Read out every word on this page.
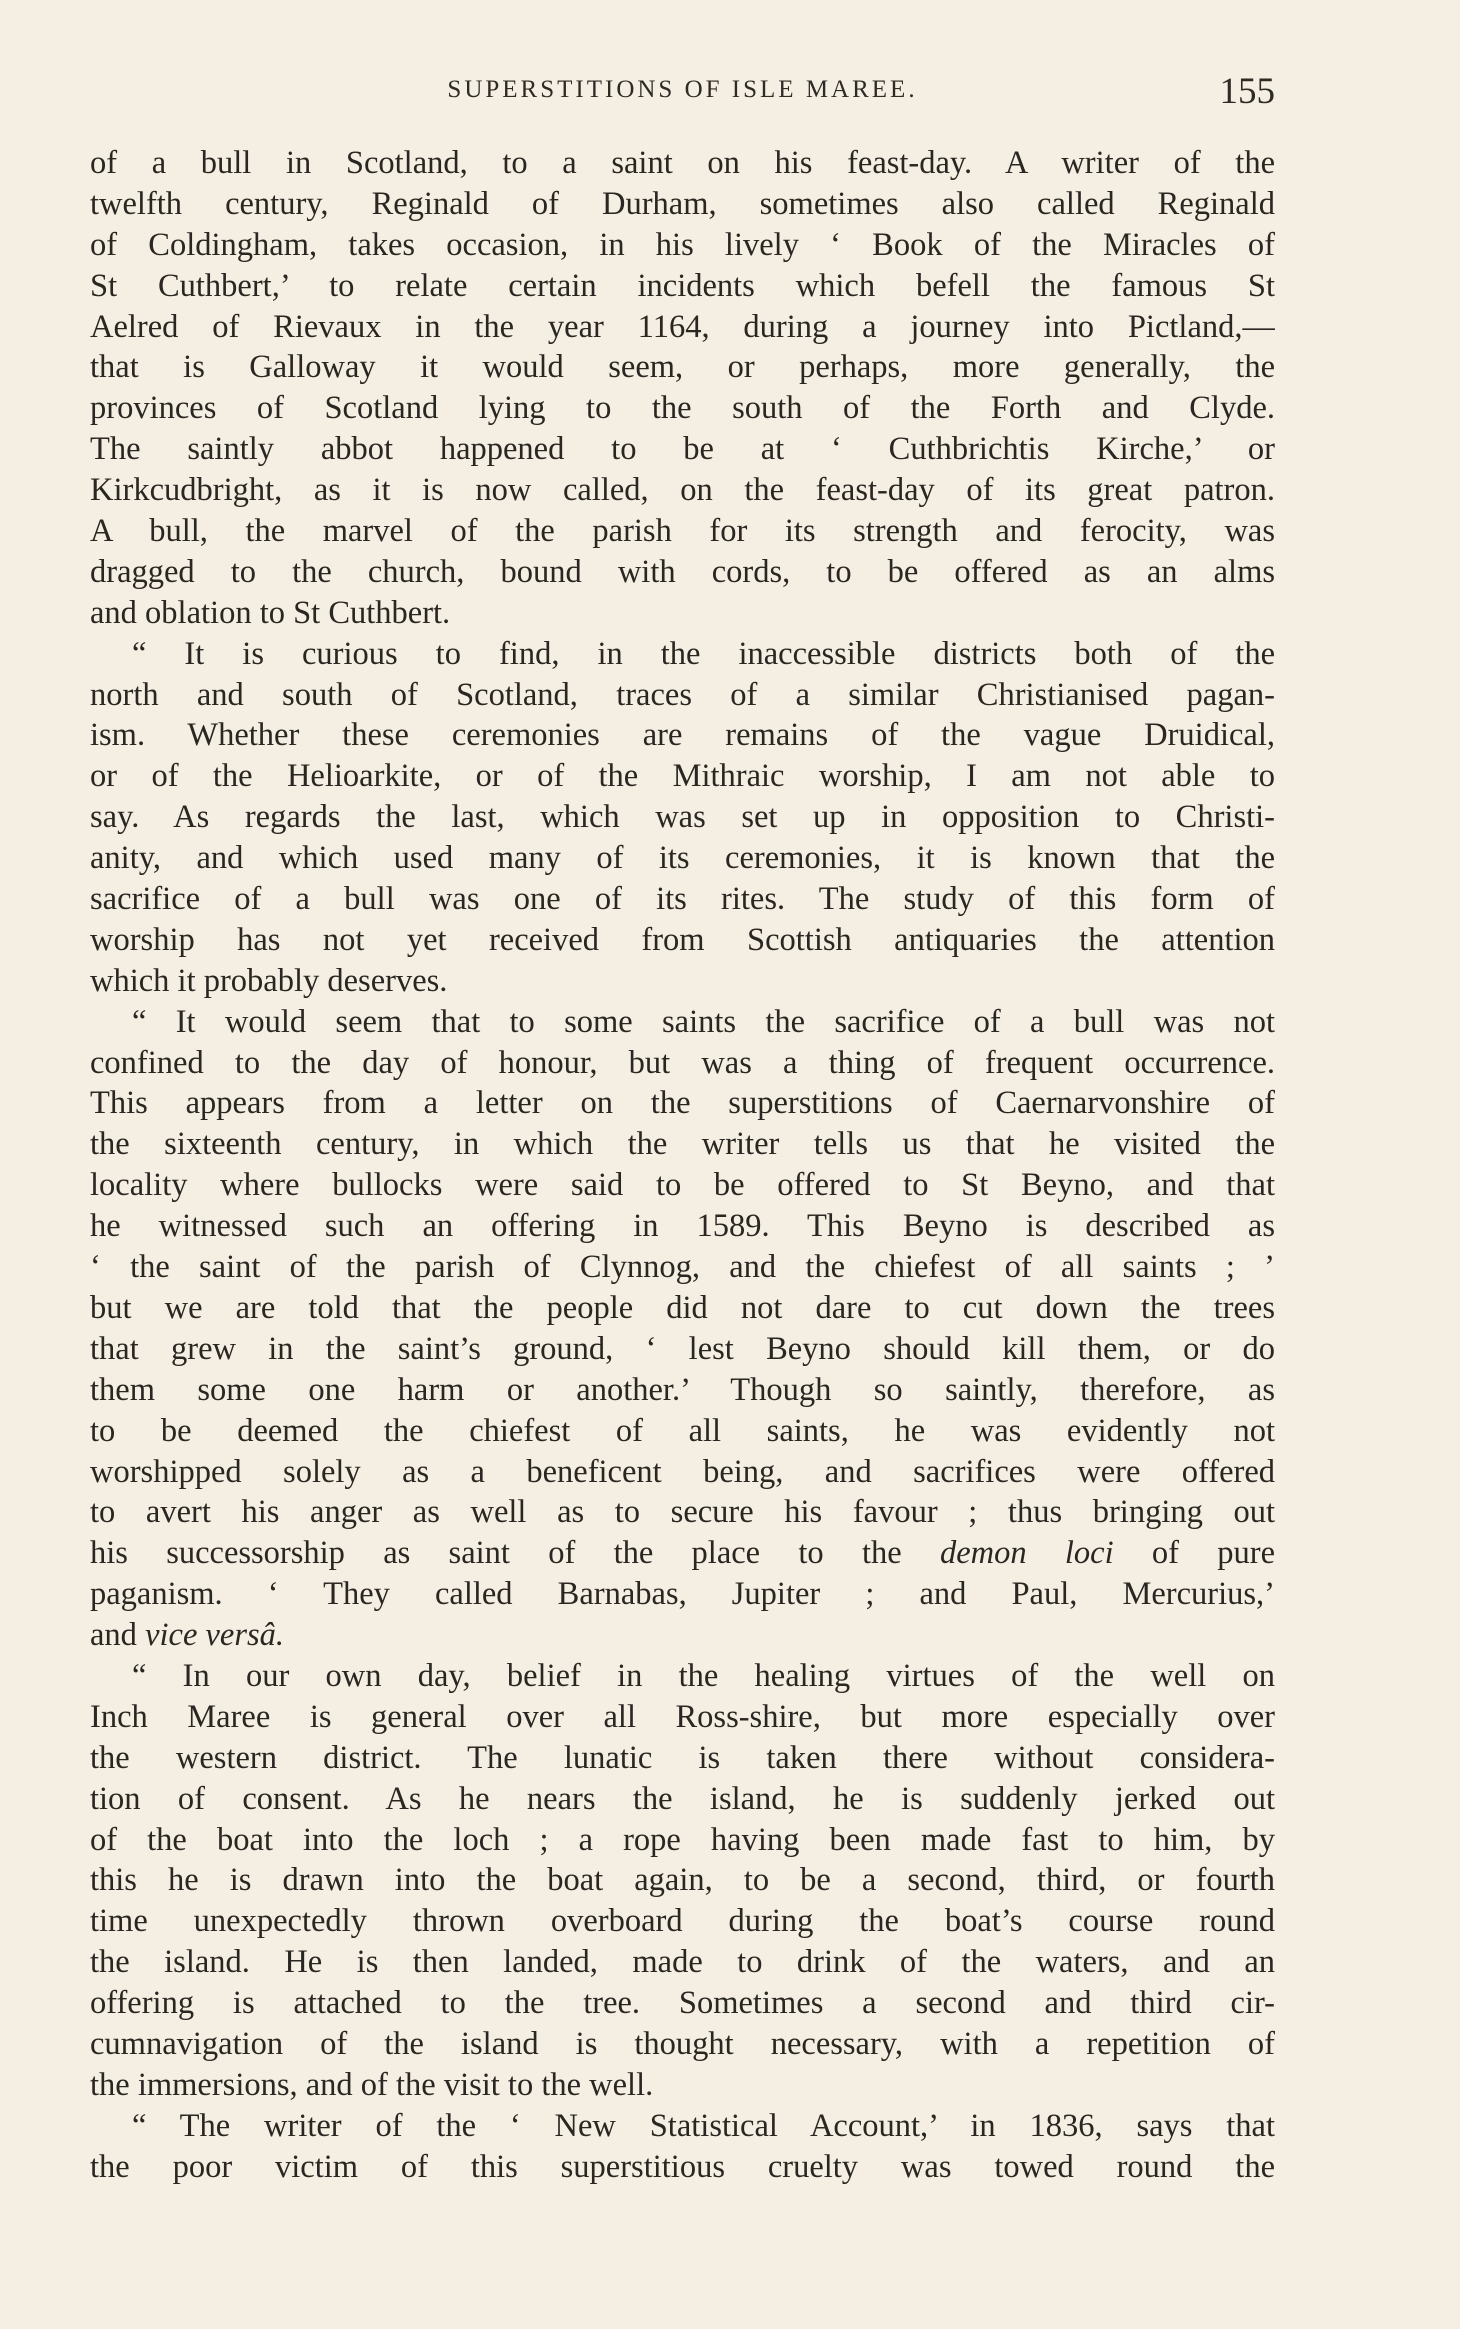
SUPERSTITIONS OF ISLE MAREE.	155
of a bull in Scotland, to a saint on his feast-day. A writer of the
twelfth century, Reginald of Durham, sometimes also called Reginald
of Coldingham, takes occasion, in his lively ‘ Book of the Miracles of
St Cuthbert,’ to relate certain incidents which befell the famous St
Aelred of Rievaux in the year 1164, during a journey into Pictland,—
that is Galloway it would seem, or perhaps, more generally, the
provinces of Scotland lying to the south of the Forth and Clyde.
The saintly abbot happened to be at ‘ Cuthbrichtis Kirche,’ or
Kirkcudbright, as it is now called, on the feast-day of its great patron.
A bull, the marvel of the parish for its strength and ferocity, was
dragged to the church, bound with cords, to be offered as an alms
and oblation to St Cuthbert.
“ It is curious to find, in the inaccessible districts both of the
north and south of Scotland, traces of a similar Christianised pagan-
ism. Whether these ceremonies are remains of the vague Druidical,
or of the Helioarkite, or of the Mithraic worship, I am not able to
say. As regards the last, which was set up in opposition to Christi-
anity, and which used many of its ceremonies, it is known that the
sacrifice of a bull was one of its rites. The study of this form of
worship has not yet received from Scottish antiquaries the attention
which it probably deserves.
“ It would seem that to some saints the sacrifice of a bull was not
confined to the day of honour, but was a thing of frequent occurrence.
This appears from a letter on the superstitions of Caernarvonshire of
the sixteenth century, in which the writer tells us that he visited the
locality where bullocks were said to be offered to St Beyno, and that
he witnessed such an offering in 1589. This Beyno is described as
‘ the saint of the parish of Clynnog, and the chiefest of all saints ; ’
but we are told that the people did not dare to cut down the trees
that grew in the saint’s ground, ‘ lest Beyno should kill them, or do
them some one harm or another.’ Though so saintly, therefore, as
to be deemed the chiefest of all saints, he was evidently not
worshipped solely as a beneficent being, and sacrifices were offered
to avert his anger as well as to secure his favour ; thus bringing out
his successorship as saint of the place to the demon loci of pure
paganism. ‘ They called Barnabas, Jupiter ; and Paul, Mercurius,’
and vice versâ.
“ In our own day, belief in the healing virtues of the well on
Inch Maree is general over all Ross-shire, but more especially over
the western district. The lunatic is taken there without considera-
tion of consent. As he nears the island, he is suddenly jerked out
of the boat into the loch ; a rope having been made fast to him, by
this he is drawn into the boat again, to be a second, third, or fourth
time unexpectedly thrown overboard during the boat’s course round
the island. He is then landed, made to drink of the waters, and an
offering is attached to the tree. Sometimes a second and third cir-
cumnavigation of the island is thought necessary, with a repetition of
the immersions, and of the visit to the well.
“ The writer of the ‘ New Statistical Account,’ in 1836, says that
the poor victim of this superstitious cruelty was towed round the
